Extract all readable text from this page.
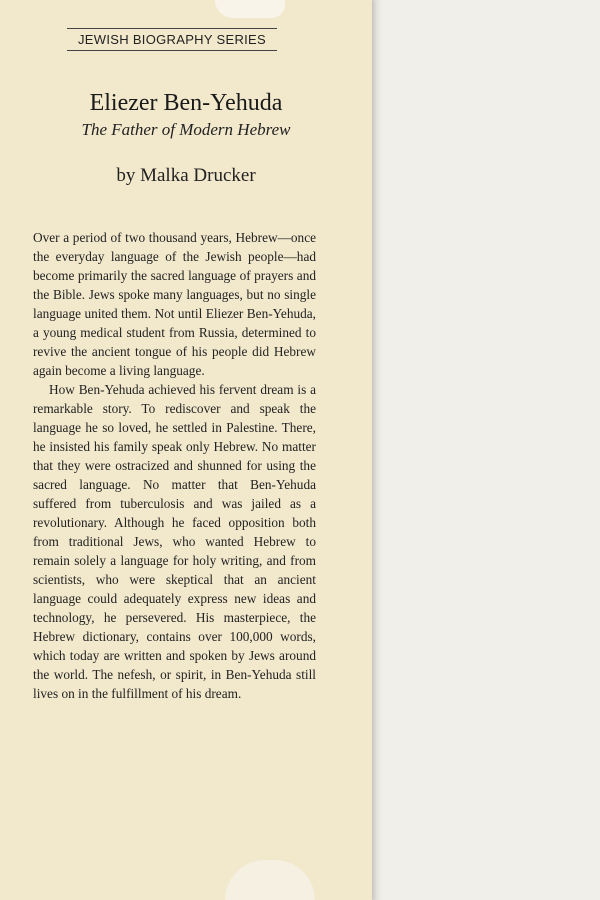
JEWISH BIOGRAPHY SERIES
Eliezer Ben-Yehuda
The Father of Modern Hebrew
by Malka Drucker

Over a period of two thousand years, Hebrew—once the everyday language of the Jewish people—had become primarily the sacred language of prayers and the Bible. Jews spoke many languages, but no single language united them. Not until Eliezer Ben-Yehuda, a young medical student from Russia, determined to revive the ancient tongue of his people did Hebrew again become a living language.

How Ben-Yehuda achieved his fervent dream is a remarkable story. To rediscover and speak the language he so loved, he settled in Palestine. There, he insisted his family speak only Hebrew. No matter that they were ostracized and shunned for using the sacred language. No matter that Ben-Yehuda suffered from tuberculosis and was jailed as a revolutionary. Although he faced opposition both from traditional Jews, who wanted Hebrew to remain solely a language for holy writing, and from scientists, who were skeptical that an ancient language could adequately express new ideas and technology, he persevered. His masterpiece, the Hebrew dictionary, contains over 100,000 words, which today are written and spoken by Jews around the world. The nefesh, or spirit, in Ben-Yehuda still lives on in the fulfillment of his dream.
